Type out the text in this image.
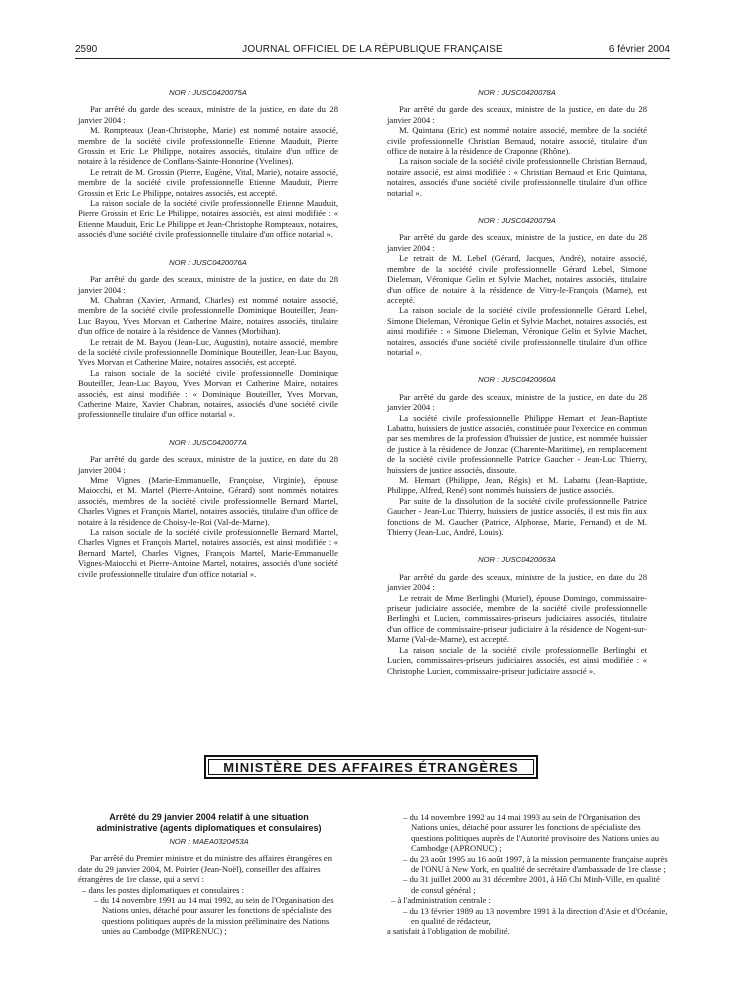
2590	JOURNAL OFFICIEL DE LA RÉPUBLIQUE FRANÇAISE	6 février 2004

NOR : JUSC0420075A

Par arrêté du garde des sceaux, ministre de la justice, en date du 28 janvier 2004 :

M. Rompteaux (Jean-Christophe, Marie) est nommé notaire associé, membre de la société civile professionnelle Etienne Mauduit, Pierre Grossin et Eric Le Philippe, notaires associés, titulaire d'un office de notaire à la résidence de Conflans-Sainte-Honorine (Yvelines).

Le retrait de M. Grossin (Pierre, Eugène, Vital, Marie), notaire associé, membre de la société civile professionnelle Etienne Mauduit, Pierre Grossin et Eric Le Philippe, notaires associés, est accepté.

La raison sociale de la société civile professionnelle Etienne Mauduit, Pierre Grossin et Eric Le Philippe, notaires associés, est ainsi modifiée : « Etienne Mauduit, Eric Le Philippe et Jean-Christophe Rompteaux, notaires, associés d'une société civile professionnelle titulaire d'un office notarial ».

NOR : JUSC0420076A

Par arrêté du garde des sceaux, ministre de la justice, en date du 28 janvier 2004 :

M. Chabran (Xavier, Armand, Charles) est nommé notaire associé, membre de la société civile professionnelle Dominique Bouteiller, Jean-Luc Bayou, Yves Morvan et Catherine Maire, notaires associés, titulaire d'un office de notaire à la résidence de Vannes (Morbihan).

Le retrait de M. Bayou (Jean-Luc, Augustin), notaire associé, membre de la société civile professionnelle Dominique Bouteiller, Jean-Luc Bayou, Yves Morvan et Catherine Maire, notaires associés, est accepté.

La raison sociale de la société civile professionnelle Dominique Bouteiller, Jean-Luc Bayou, Yves Morvan et Catherine Maire, notaires associés, est ainsi modifiée : « Dominique Bouteiller, Yves Morvan, Catherine Maire, Xavier Chabran, notaires, associés d'une société civile professionnelle titulaire d'un office notarial ».

NOR : JUSC0420077A

Par arrêté du garde des sceaux, ministre de la justice, en date du 28 janvier 2004 :

Mme Vignes (Marie-Emmanuelle, Françoise, Virginie), épouse Maiocchi, et M. Martel (Pierre-Antoine, Gérard) sont nommés notaires associés, membres de la société civile professionnelle Bernard Martel, Charles Vignes et François Martel, notaires associés, titulaire d'un office de notaire à la résidence de Choisy-le-Roi (Val-de-Marne).

La raison sociale de la société civile professionnelle Bernard Martel, Charles Vignes et François Martel, notaires associés, est ainsi modifiée : « Bernard Martel, Charles Vignes, François Martel, Marie-Emmanuelle Vignes-Maiocchi et Pierre-Antoine Martel, notaires, associés d'une société civile professionnelle titulaire d'un office notarial ».

NOR : JUSC0420078A

Par arrêté du garde des sceaux, ministre de la justice, en date du 28 janvier 2004 :

M. Quintana (Eric) est nommé notaire associé, membre de la société civile professionnelle Christian Bernaud, notaire associé, titulaire d'un office de notaire à la résidence de Craponne (Rhône).

La raison sociale de la société civile professionnelle Christian Bernaud, notaire associé, est ainsi modifiée : « Christian Bernaud et Eric Quintana, notaires, associés d'une société civile professionnelle titulaire d'un office notarial ».

NOR : JUSC0420079A

Par arrêté du garde des sceaux, ministre de la justice, en date du 28 janvier 2004 :

Le retrait de M. Lebel (Gérard, Jacques, André), notaire associé, membre de la société civile professionnelle Gérard Lebel, Simone Dieleman, Véronique Gelin et Sylvie Machet, notaires associés, titulaire d'un office de notaire à la résidence de Vitry-le-François (Marne), est accepté.

La raison sociale de la société civile professionnelle Gérard Lebel, Simone Dieleman, Véronique Gelin et Sylvie Machet, notaires associés, est ainsi modifiée : « Simone Dieleman, Véronique Gelin et Sylvie Machet, notaires, associés d'une société civile professionnelle titulaire d'un office notarial ».

NOR : JUSC0420060A

Par arrêté du garde des sceaux, ministre de la justice, en date du 28 janvier 2004 :

La société civile professionnelle Philippe Hemart et Jean-Baptiste Labattu, huissiers de justice associés, constituée pour l'exercice en commun par ses membres de la profession d'huissier de justice, est nommée huissier de justice à la résidence de Jonzac (Charente-Maritime), en remplacement de la société civile professionnelle Patrice Gaucher - Jean-Luc Thierry, huissiers de justice associés, dissoute.

M. Hemart (Philippe, Jean, Régis) et M. Labattu (Jean-Baptiste, Philippe, Alfred, René) sont nommés huissiers de justice associés.

Par suite de la dissolution de la société civile professionnelle Patrice Gaucher - Jean-Luc Thierry, huissiers de justice associés, il est mis fin aux fonctions de M. Gaucher (Patrice, Alphonse, Marie, Fernand) et de M. Thierry (Jean-Luc, André, Louis).

NOR : JUSC0420063A

Par arrêté du garde des sceaux, ministre de la justice, en date du 28 janvier 2004 :

Le retrait de Mme Berlinghi (Muriel), épouse Domingo, commissaire-priseur judiciaire associée, membre de la société civile professionnelle Berlinghi et Lucien, commissaires-priseurs judiciaires associés, titulaire d'un office de commissaire-priseur judiciaire à la résidence de Nogent-sur-Marne (Val-de-Marne), est accepté.

La raison sociale de la société civile professionnelle Berlinghi et Lucien, commissaires-priseurs judiciaires associés, est ainsi modifiée : « Christophe Lucien, commissaire-priseur judiciaire associé ».

MINISTÈRE DES AFFAIRES ÉTRANGÈRES

Arrêté du 29 janvier 2004 relatif à une situation administrative (agents diplomatiques et consulaires)

NOR : MAEA0320453A

Par arrêté du Premier ministre et du ministre des affaires étrangères en date du 29 janvier 2004, M. Poirier (Jean-Noël), conseiller des affaires étrangères de 1re classe, qui a servi :

– dans les postes diplomatiques et consulaires :

– du 14 novembre 1991 au 14 mai 1992, au sein de l'Organisation des Nations unies, détaché pour assurer les fonctions de spécialiste des questions politiques auprès de la mission préliminaire des Nations unies au Cambodge (MIPRENUC) ;

– du 14 novembre 1992 au 14 mai 1993 au sein de l'Organisation des Nations unies, détaché pour assurer les fonctions de spécialiste des questions politiques auprès de l'Autorité provisoire des Nations unies au Cambodge (APRONUC) ;

– du 23 août 1995 au 16 août 1997, à la mission permanente française auprès de l'ONU à New York, en qualité de secrétaire d'ambassade de 1re classe ;

– du 31 juillet 2000 au 31 décembre 2001, à Hô Chi Minh-Ville, en qualité de consul général ;

– à l'administration centrale :

– du 13 février 1989 au 13 novembre 1991 à la direction d'Asie et d'Océanie, en qualité de rédacteur,

a satisfait à l'obligation de mobilité.
